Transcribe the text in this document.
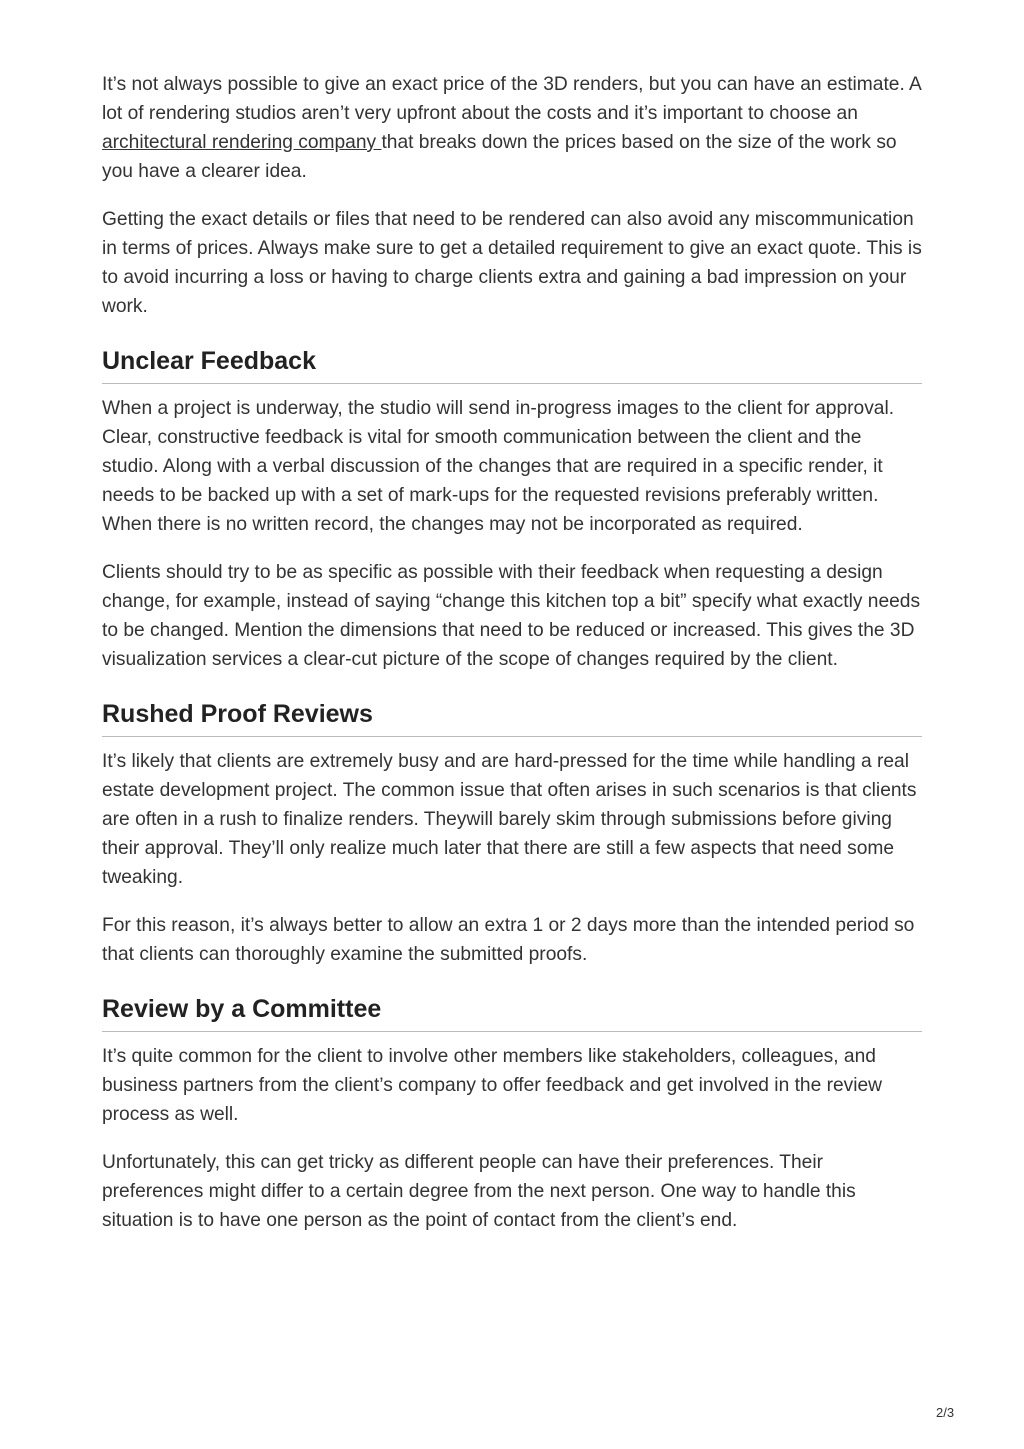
It’s not always possible to give an exact price of the 3D renders, but you can have an estimate. A lot of rendering studios aren’t very upfront about the costs and it’s important to choose an architectural rendering company that breaks down the prices based on the size of the work so you have a clearer idea.

Getting the exact details or files that need to be rendered can also avoid any miscommunication in terms of prices. Always make sure to get a detailed requirement to give an exact quote. This is to avoid incurring a loss or having to charge clients extra and gaining a bad impression on your work.

Unclear Feedback

When a project is underway, the studio will send in-progress images to the client for approval. Clear, constructive feedback is vital for smooth communication between the client and the studio. Along with a verbal discussion of the changes that are required in a specific render, it needs to be backed up with a set of mark-ups for the requested revisions preferably written. When there is no written record, the changes may not be incorporated as required.

Clients should try to be as specific as possible with their feedback when requesting a design change, for example, instead of saying “change this kitchen top a bit” specify what exactly needs to be changed. Mention the dimensions that need to be reduced or increased. This gives the 3D visualization services a clear-cut picture of the scope of changes required by the client.

Rushed Proof Reviews

It’s likely that clients are extremely busy and are hard-pressed for the time while handling a real estate development project. The common issue that often arises in such scenarios is that clients are often in a rush to finalize renders. Theywill barely skim through submissions before giving their approval. They’ll only realize much later that there are still a few aspects that need some tweaking.

For this reason, it’s always better to allow an extra 1 or 2 days more than the intended period so that clients can thoroughly examine the submitted proofs.

Review by a Committee

It’s quite common for the client to involve other members like stakeholders, colleagues, and business partners from the client’s company to offer feedback and get involved in the review process as well.

Unfortunately, this can get tricky as different people can have their preferences. Their preferences might differ to a certain degree from the next person. One way to handle this situation is to have one person as the point of contact from the client’s end.

2/3
